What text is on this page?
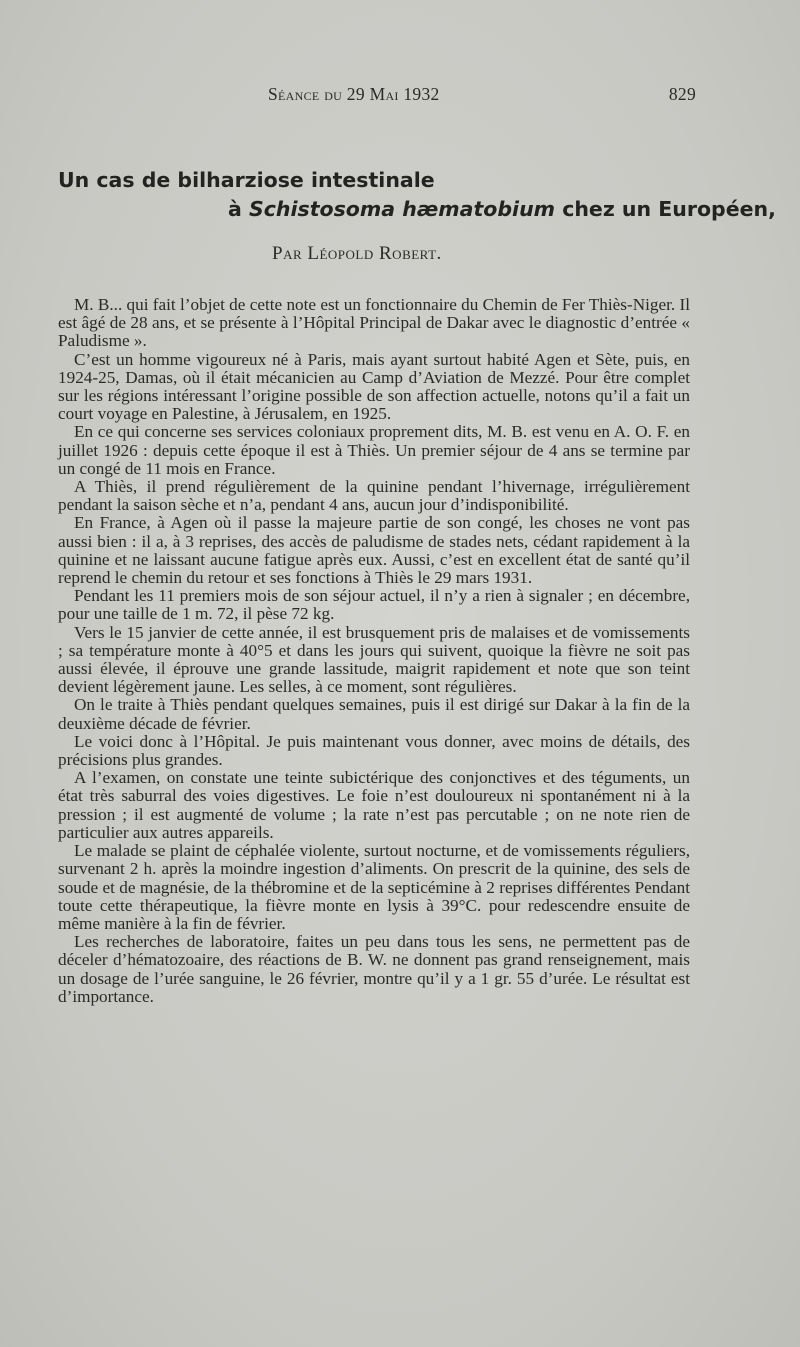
Séance du 29 Mai 1932	829
Un cas de bilharziose intestinale
à Schistosoma hæmatobium chez un Européen,
Par Léopold Robert.

M. B... qui fait l’objet de cette note est un fonctionnaire du Chemin de Fer Thiès-Niger. Il est âgé de 28 ans, et se présente à l’Hôpital Principal de Dakar avec le diagnostic d’entrée « Paludisme ».

C’est un homme vigoureux né à Paris, mais ayant surtout habité Agen et Sète, puis, en 1924-25, Damas, où il était mécanicien au Camp d’Aviation de Mezzé. Pour être complet sur les régions intéressant l’origine possible de son affection actuelle, notons qu’il a fait un court voyage en Palestine, à Jérusalem, en 1925.

En ce qui concerne ses services coloniaux proprement dits, M. B. est venu en A. O. F. en juillet 1926 : depuis cette époque il est à Thiès. Un premier séjour de 4 ans se termine par un congé de 11 mois en France.

A Thiès, il prend régulièrement de la quinine pendant l’hivernage, irrégulièrement pendant la saison sèche et n’a, pendant 4 ans, aucun jour d’indisponibilité.

En France, à Agen où il passe la majeure partie de son congé, les choses ne vont pas aussi bien : il a, à 3 reprises, des accès de paludisme de stades nets, cédant rapidement à la quinine et ne laissant aucune fatigue après eux. Aussi, c’est en excellent état de santé qu’il reprend le chemin du retour et ses fonctions à Thiès le 29 mars 1931.

Pendant les 11 premiers mois de son séjour actuel, il n’y a rien à signaler ; en décembre, pour une taille de 1 m. 72, il pèse 72 kg.

Vers le 15 janvier de cette année, il est brusquement pris de malaises et de vomissements ; sa température monte à 40°5 et dans les jours qui suivent, quoique la fièvre ne soit pas aussi élevée, il éprouve une grande lassitude, maigrit rapidement et note que son teint devient légèrement jaune. Les selles, à ce moment, sont régulières.

On le traite à Thiès pendant quelques semaines, puis il est dirigé sur Dakar à la fin de la deuxième décade de février.

Le voici donc à l’Hôpital. Je puis maintenant vous donner, avec moins de détails, des précisions plus grandes.

A l’examen, on constate une teinte subictérique des conjonctives et des téguments, un état très saburral des voies digestives. Le foie n’est douloureux ni spontanément ni à la pression ; il est augmenté de volume ; la rate n’est pas percutable ; on ne note rien de particulier aux autres appareils.

Le malade se plaint de céphalée violente, surtout nocturne, et de vomissements réguliers, survenant 2 h. après la moindre ingestion d’aliments. On prescrit de la quinine, des sels de soude et de magnésie, de la thébromine et de la septicémine à 2 reprises différentes Pendant toute cette thérapeutique, la fièvre monte en lysis à 39°C. pour redescendre ensuite de même manière à la fin de février.

Les recherches de laboratoire, faites un peu dans tous les sens, ne permettent pas de déceler d’hématozoaire, des réactions de B. W. ne donnent pas grand renseignement, mais un dosage de l’urée sanguine, le 26 février, montre qu’il y a 1 gr. 55 d’urée. Le résultat est d’importance.
